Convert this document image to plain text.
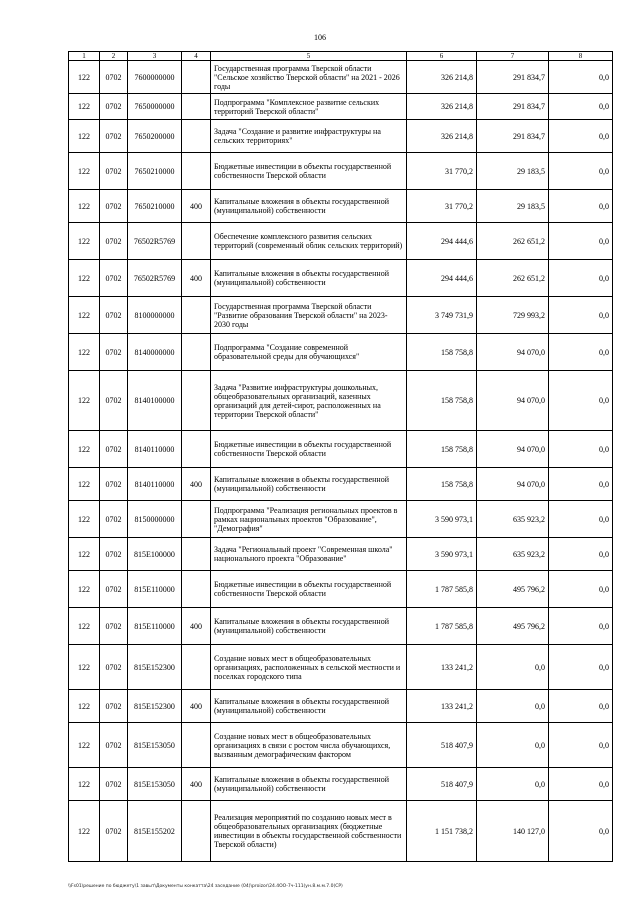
106
1	2	3	4	5	6	7	8
122	0702	7600000000		Государственная программа Тверской области "Сельское хозяйство Тверской области" на 2021 - 2026 годы	326 214,8	291 834,7	0,0
122	0702	7650000000		Подпрограмма "Комплексное развитие сельских территорий Тверской области"	326 214,8	291 834,7	0,0
122	0702	7650200000		Задача "Создание и развитие инфраструктуры на сельских территориях"	326 214,8	291 834,7	0,0
122	0702	7650210000		Бюджетные инвестиции в объекты государственной собственности Тверской области	31 770,2	29 183,5	0,0
122	0702	7650210000	400	Капитальные вложения в объекты государственной (муниципальной) собственности	31 770,2	29 183,5	0,0
122	0702	76502R5769		Обеспечение комплексного развития сельских территорий (современный облик сельских территорий)	294 444,6	262 651,2	0,0
122	0702	76502R5769	400	Капитальные вложения в объекты государственной (муниципальной) собственности	294 444,6	262 651,2	0,0
122	0702	8100000000		Государственная программа Тверской области "Развитие образования Тверской области" на 2023-2030 годы	3 749 731,9	729 993,2	0,0
122	0702	8140000000		Подпрограмма "Создание современной образовательной среды для обучающихся"	158 758,8	94 070,0	0,0
122	0702	8140100000		Задача "Развитие инфраструктуры дошкольных, общеобразовательных организаций, казенных организаций для детей-сирот, расположенных на территории Тверской области"	158 758,8	94 070,0	0,0
122	0702	8140110000		Бюджетные инвестиции в объекты государственной собственности Тверской области	158 758,8	94 070,0	0,0
122	0702	8140110000	400	Капитальные вложения в объекты государственной (муниципальной) собственности	158 758,8	94 070,0	0,0
122	0702	8150000000		Подпрограмма "Реализация региональных проектов в рамках национальных проектов "Образование", "Демография"	3 590 973,1	635 923,2	0,0
122	0702	815E100000		Задача "Региональный проект "Современная школа" национального проекта "Образование"	3 590 973,1	635 923,2	0,0
122	0702	815E110000		Бюджетные инвестиции в объекты государственной собственности Тверской области	1 787 585,8	495 796,2	0,0
122	0702	815E110000	400	Капитальные вложения в объекты государственной (муниципальной) собственности	1 787 585,8	495 796,2	0,0
122	0702	815E152300		Создание новых мест в общеобразовательных организациях, расположенных в сельской местности и поселках городского типа	133 241,2	0,0	0,0
122	0702	815E152300	400	Капитальные вложения в объекты государственной (муниципальной) собственности	133 241,2	0,0	0,0
122	0702	815E153050		Создание новых мест в общеобразовательных организациях в связи с ростом числа обучающихся, вызванным демографическим фактором	518 407,9	0,0	0,0
122	0702	815E153050	400	Капитальные вложения в объекты государственной (муниципальной) собственности	518 407,9	0,0	0,0
122	0702	815E155202		Реализация мероприятий по созданию новых мест в общеобразовательных организациях (бюджетные инвестиции в объекты государственной собственности Тверской области)	1 151 738,2	140 127,0	0,0
\\Fs01\решение по бюджету\1 завыт\Документы конкатта\24 заседание (04)\proizor\24.4ОО-7ч-111(ун.8.м.м.7.0(СР)
